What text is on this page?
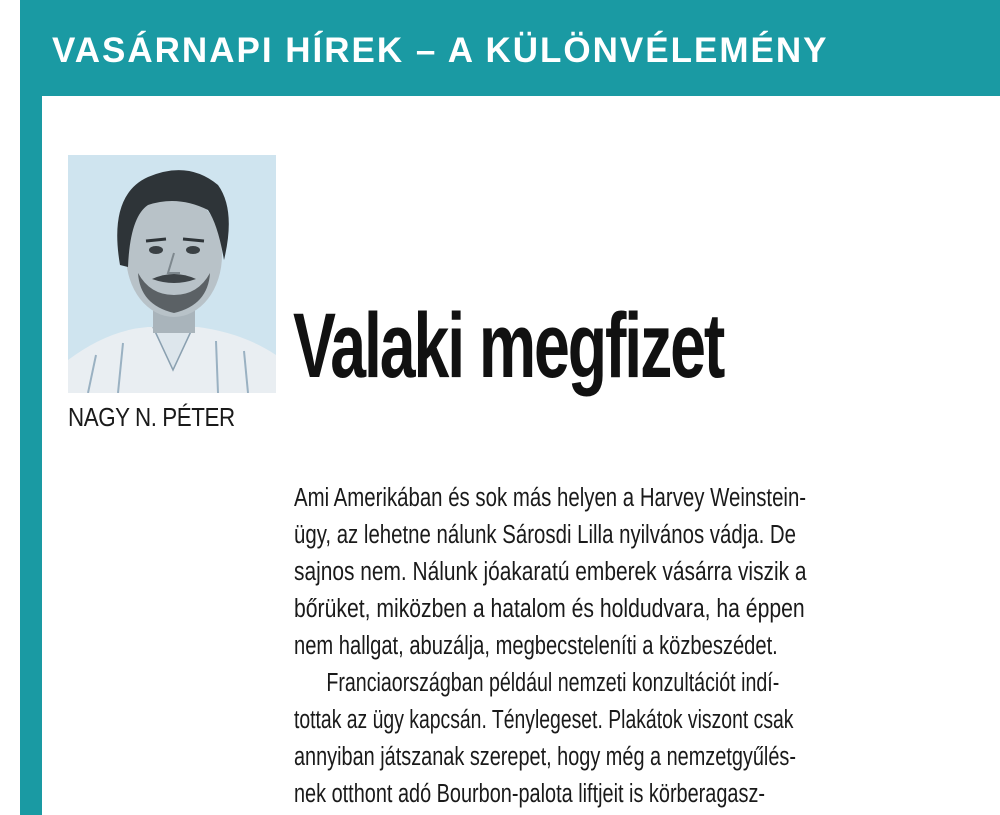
VASÁRNAPI HÍREK – A KÜLÖNVÉLEMÉNY
NAGY N. PÉTER
Valaki megfizet

Ami Amerikában és sok más helyen a Harvey Weinstein-

ügy, az lehetne nálunk Sárosdi Lilla nyilvános vádja. De

sajnos nem. Nálunk jóakaratú emberek vásárra viszik a

bőrüket, miközben a hatalom és holdudvara, ha éppen

nem hallgat, abuzálja, megbecsteleníti a közbeszédet.

Franciaországban például nemzeti konzultációt indí-

tottak az ügy kapcsán. Ténylegeset. Plakátok viszont csak

annyiban játszanak szerepet, hogy még a nemzetgyűlés-

nek otthont adó Bourbon-palota liftjeit is körberagasz-
